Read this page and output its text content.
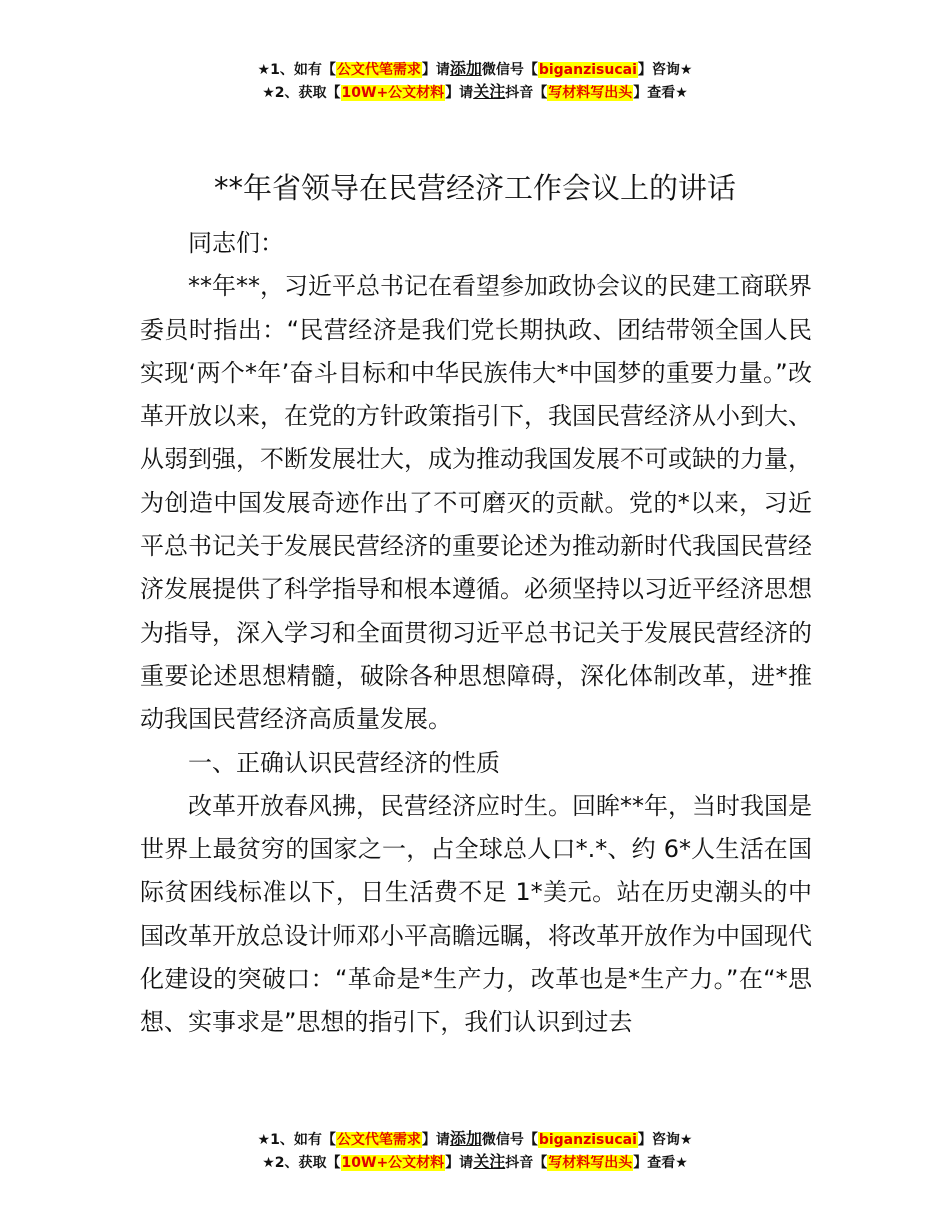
★1、如有【公文代笔需求】请添加微信号【biganzisucai】咨询★
★2、获取【10W+公文材料】请关注抖音【写材料写出头】查看★
**年省领导在民营经济工作会议上的讲话

同志们：

**年**，习近平总书记在看望参加政协会议的民建工商联界委员时指出：“民营经济是我们党长期执政、团结带领全国人民实现‘两个*年’奋斗目标和中华民族伟大*中国梦的重要力量。”改革开放以来，在党的方针政策指引下，我国民营经济从小到大、从弱到强，不断发展壮大，成为推动我国发展不可或缺的力量，为创造中国发展奇迹作出了不可磨灭的贡献。党的*以来，习近平总书记关于发展民营经济的重要论述为推动新时代我国民营经济发展提供了科学指导和根本遵循。必须坚持以习近平经济思想为指导，深入学习和全面贯彻习近平总书记关于发展民营经济的重要论述思想精髓，破除各种思想障碍，深化体制改革，进*推动我国民营经济高质量发展。

一、正确认识民营经济的性质

改革开放春风拂，民营经济应时生。回眸**年，当时我国是世界上最贫穷的国家之一，占全球总人口*.*、约 6*人生活在国际贫困线标准以下，日生活费不足 1*美元。站在历史潮头的中国改革开放总设计师邓小平高瞻远瞩，将改革开放作为中国现代化建设的突破口：“革命是*生产力，改革也是*生产力。”在“*思想、实事求是”思想的指引下，我们认识到过去

★1、如有【公文代笔需求】请添加微信号【biganzisucai】咨询★
★2、获取【10W+公文材料】请关注抖音【写材料写出头】查看★
